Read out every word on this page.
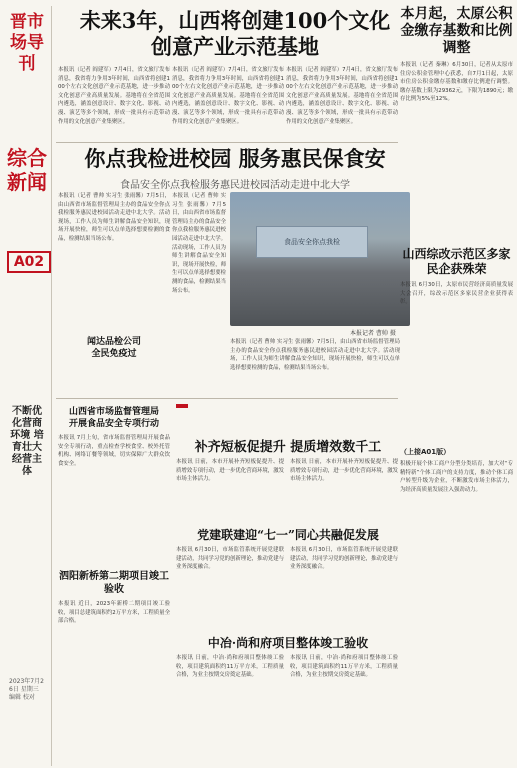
晋市场导刊
综合新闻
A02
不断优化营商环境 培育壮大经营主体
2023年7月26日 星期三 编辑 校对
未来3年，山西将创建100个文化创意产业示范基地
本报讯（记者 阎建军）7月4日，省文旅厅发布消息，我省将力争用3年时间，山西省将创建100个左右文化创意产业示范基地，进一步推动文化创意产业高质量发展。基地将在全省范围内遴选，涵盖创意设计、数字文化、影视、动漫、演艺等多个领域，形成一批具有示范带动作用的文化创意产业集聚区。
本报讯（记者 阎建军）7月4日，省文旅厅发布消息，我省将力争用3年时间，山西省将创建100个左右文化创意产业示范基地，进一步推动文化创意产业高质量发展。基地将在全省范围内遴选，涵盖创意设计、数字文化、影视、动漫、演艺等多个领域，形成一批具有示范带动作用的文化创意产业集聚区。
本报讯（记者 阎建军）7月4日，省文旅厅发布消息，我省将力争用3年时间，山西省将创建100个左右文化创意产业示范基地，进一步推动文化创意产业高质量发展。基地将在全省范围内遴选，涵盖创意设计、数字文化、影视、动漫、演艺等多个领域，形成一批具有示范带动作用的文化创意产业集聚区。
你点我检进校园 服务惠民保食安
食品安全你点我检服务惠民进校园活动走进中北大学
本报讯（记者 曹帅 实习生 张雨馨）7月5日，由山西省市场监督管理局主办的食品安全你点我检服务惠民进校园活动走进中北大学。活动现场，工作人员为师生讲解食品安全知识，现场开展快检，师生可以点单选择想要检测的食品，检测结果当场公布。
本报讯（记者 曹帅 实习生 张雨馨）7月5日，由山西省市场监督管理局主办的食品安全你点我检服务惠民进校园活动走进中北大学。活动现场，工作人员为师生讲解食品安全知识，现场开展快检，师生可以点单选择想要检测的食品，检测结果当场公布。
食品安全你点我检
本报记者 曹帅 摄
本报讯（记者 曹帅 实习生 张雨馨）7月5日，由山西省市场监督管理局主办的食品安全你点我检服务惠民进校园活动走进中北大学。活动现场，工作人员为师生讲解食品安全知识，现场开展快检，师生可以点单选择想要检测的食品，检测结果当场公布。
山西省市场监督管理局
开展食品安全专项行动
本报讯 7月上旬，省市场监督管理局开展食品安全专项行动，重点检查学校食堂、校外托管机构、网络订餐等领域，切实保障广大群众饮食安全。
闻达品检公司
全民免疫过
泗阳新桥第二期项目竣工验收
本报讯 近日，2023年新桥二期项目竣工验收，项目总建筑面积约2万平方米，工程质量全部合格。
补齐短板促提升 提质增效数千工
本报讯 日前，本市开展补齐短板促提升、提质增效专项行动，进一步优化营商环境，激发市场主体活力。
本报讯 日前，本市开展补齐短板促提升、提质增效专项行动，进一步优化营商环境，激发市场主体活力。
党建联建迎“七一”同心共融促发展
本报讯 6月30日，市场监管系统开展党建联建活动，共同学习党的创新理论，推动党建与业务深度融合。
本报讯 6月30日，市场监管系统开展党建联建活动，共同学习党的创新理论，推动党建与业务深度融合。
中冶·尚和府项目整体竣工验收
本报讯 日前，中冶·尚和府项目整体竣工验收，项目建筑面积约11万平方米，工程质量合格，为业主按期交房奠定基础。
本报讯 日前，中冶·尚和府项目整体竣工验收，项目建筑面积约11万平方米，工程质量合格，为业主按期交房奠定基础。
本月起，太原公积金缴存基数和比例调整
本报讯（记者 秦琳）6月30日，记者从太原市住房公积金管理中心获悉，自7月1日起，太原市住房公积金缴存基数和缴存比例进行调整。缴存基数上限为29362元，下限为1890元；缴存比例为5%至12%。
山西综改示范区多家民企获殊荣
本报讯 6月30日，太原市民营经济高质量发展大会召开，综改示范区多家民营企业获得表彰。
（上接A01版）
积极开展个体工商户分型分类培育，加大对“专精特新”个体工商户的支持力度，推动个体工商户转型升级为企业，不断激发市场主体活力，为经济高质量发展注入强劲动力。
